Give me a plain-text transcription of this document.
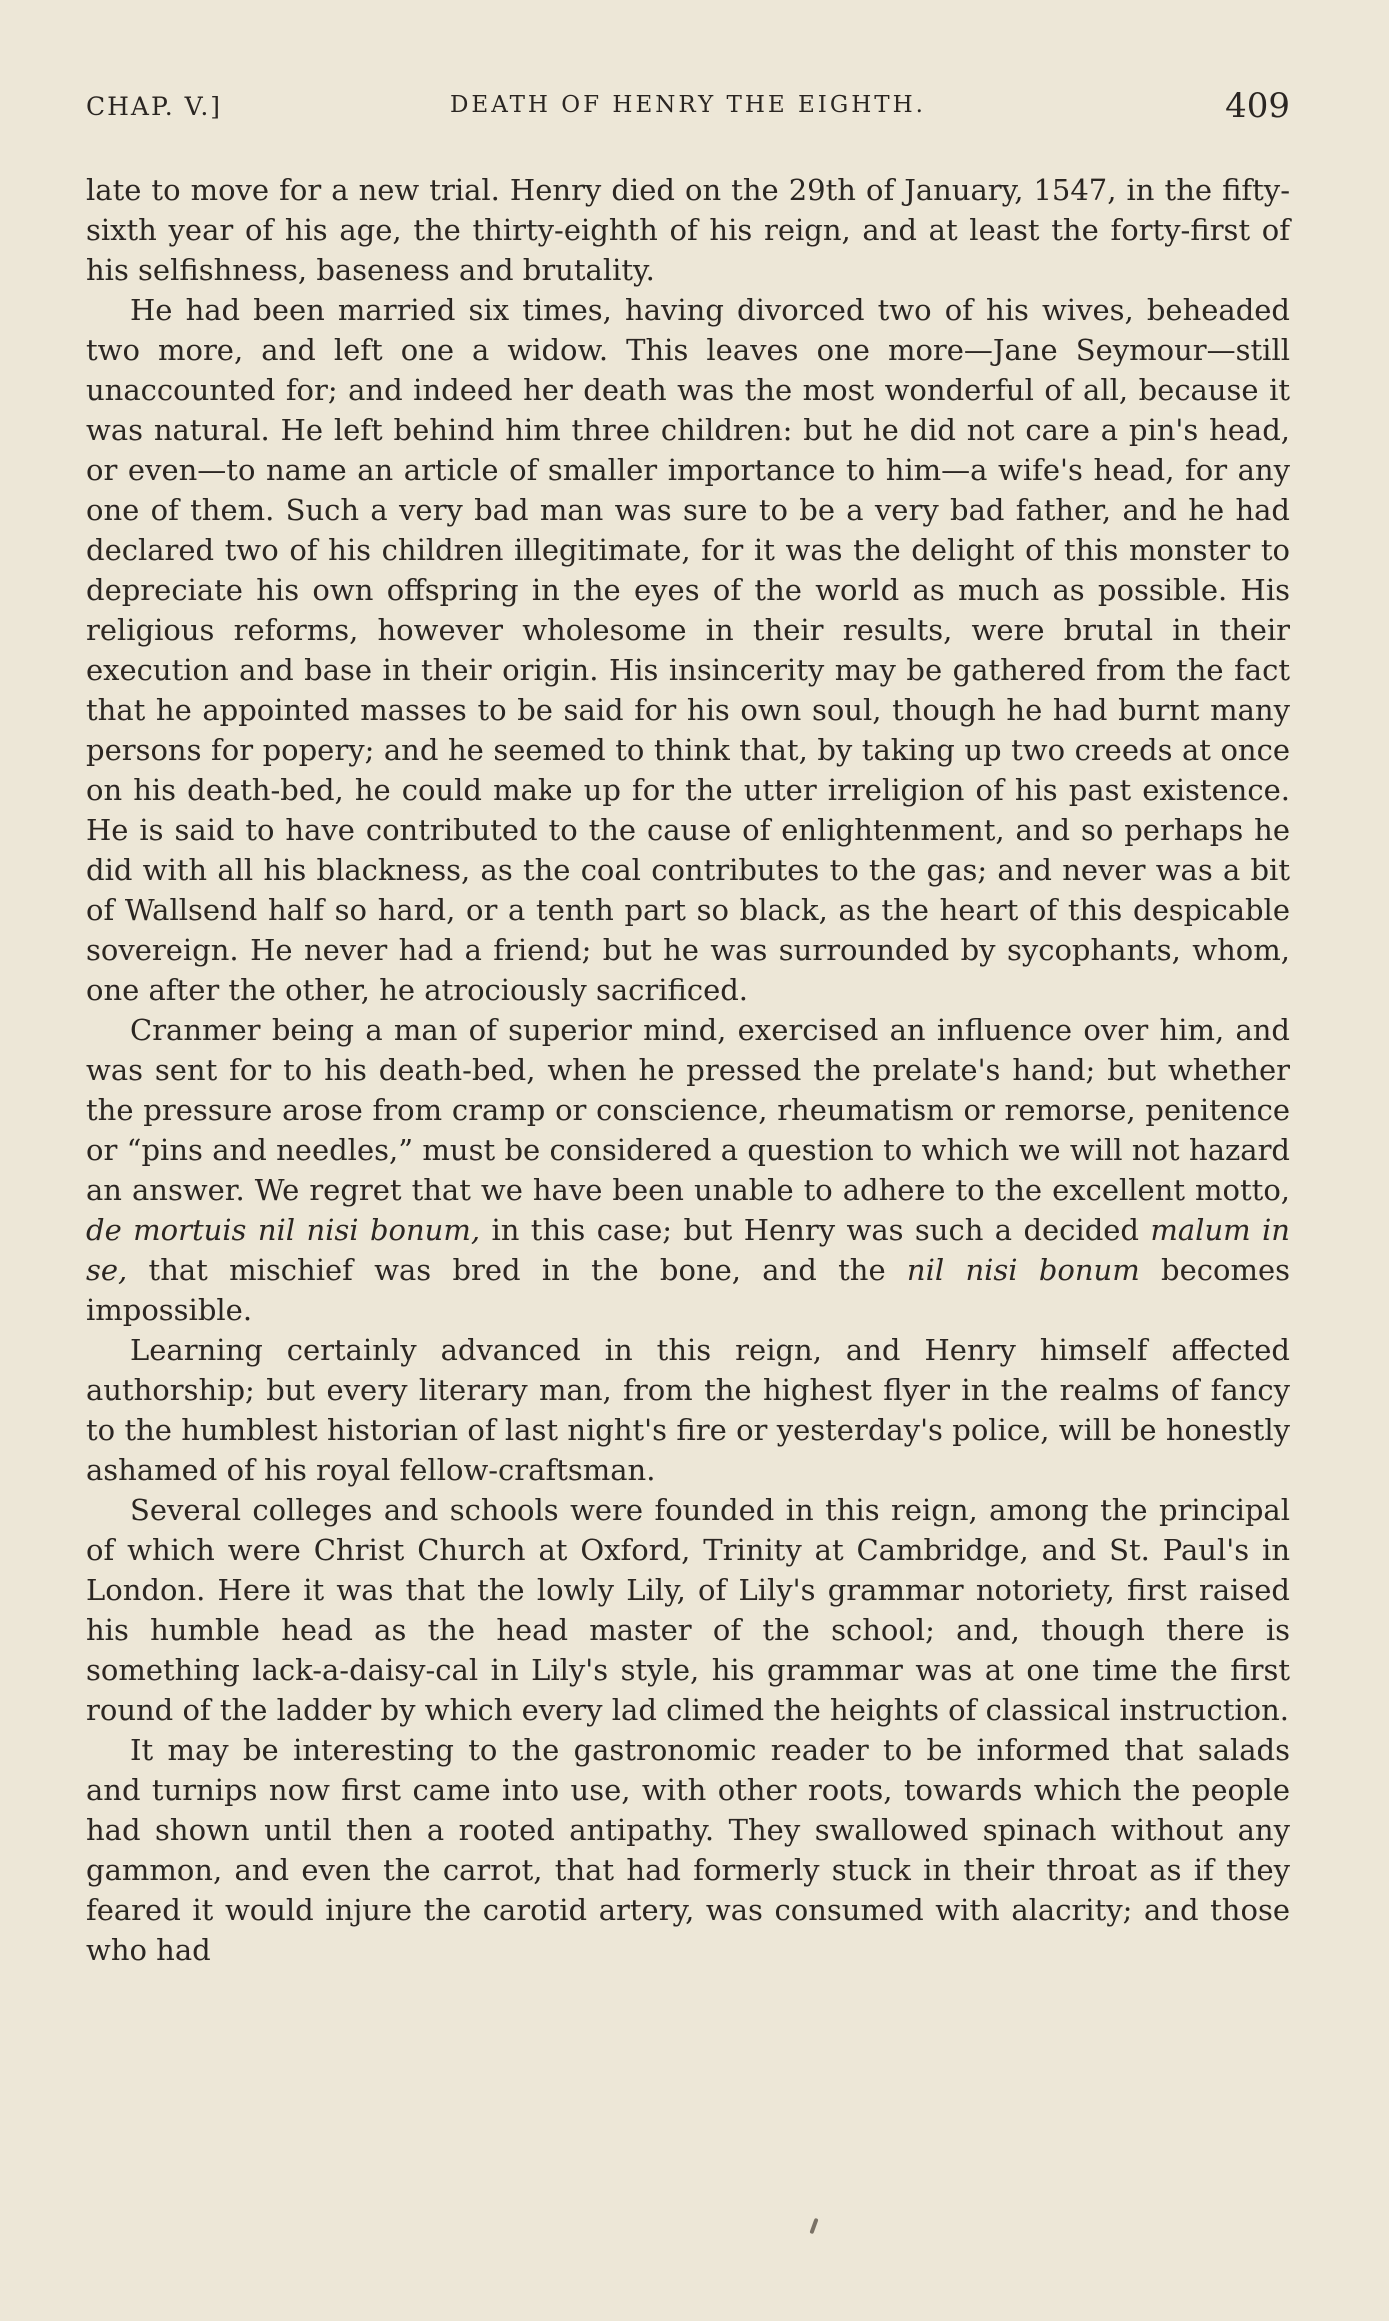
CHAP. V.]	DEATH OF HENRY THE EIGHTH.	409

late to move for a new trial. Henry died on the 29th of January, 1547, in the fifty-sixth year of his age, the thirty-eighth of his reign, and at least the forty-first of his selfishness, baseness and brutality.

He had been married six times, having divorced two of his wives, beheaded two more, and left one a widow. This leaves one more—Jane Seymour—still unaccounted for; and indeed her death was the most wonderful of all, because it was natural. He left behind him three children: but he did not care a pin's head, or even—to name an article of smaller importance to him—a wife's head, for any one of them. Such a very bad man was sure to be a very bad father, and he had declared two of his children illegitimate, for it was the delight of this monster to depreciate his own offspring in the eyes of the world as much as possible. His religious reforms, however wholesome in their results, were brutal in their execution and base in their origin. His insincerity may be gathered from the fact that he appointed masses to be said for his own soul, though he had burnt many persons for popery; and he seemed to think that, by taking up two creeds at once on his death-bed, he could make up for the utter irreligion of his past existence. He is said to have contributed to the cause of enlightenment, and so perhaps he did with all his blackness, as the coal contributes to the gas; and never was a bit of Wallsend half so hard, or a tenth part so black, as the heart of this despicable sovereign. He never had a friend; but he was surrounded by sycophants, whom, one after the other, he atrociously sacrificed.

Cranmer being a man of superior mind, exercised an influence over him, and was sent for to his death-bed, when he pressed the prelate's hand; but whether the pressure arose from cramp or conscience, rheumatism or remorse, penitence or “pins and needles,” must be considered a question to which we will not hazard an answer. We regret that we have been unable to adhere to the excellent motto, de mortuis nil nisi bonum, in this case; but Henry was such a decided malum in se, that mischief was bred in the bone, and the nil nisi bonum becomes impossible.

Learning certainly advanced in this reign, and Henry himself affected authorship; but every literary man, from the highest flyer in the realms of fancy to the humblest historian of last night's fire or yesterday's police, will be honestly ashamed of his royal fellow-craftsman.

Several colleges and schools were founded in this reign, among the principal of which were Christ Church at Oxford, Trinity at Cambridge, and St. Paul's in London. Here it was that the lowly Lily, of Lily's grammar notoriety, first raised his humble head as the head master of the school; and, though there is something lack-a-daisy-cal in Lily's style, his grammar was at one time the first round of the ladder by which every lad climed the heights of classical instruction.

It may be interesting to the gastronomic reader to be informed that salads and turnips now first came into use, with other roots, towards which the people had shown until then a rooted antipathy. They swallowed spinach without any gammon, and even the carrot, that had formerly stuck in their throat as if they feared it would injure the carotid artery, was consumed with alacrity; and those who had
